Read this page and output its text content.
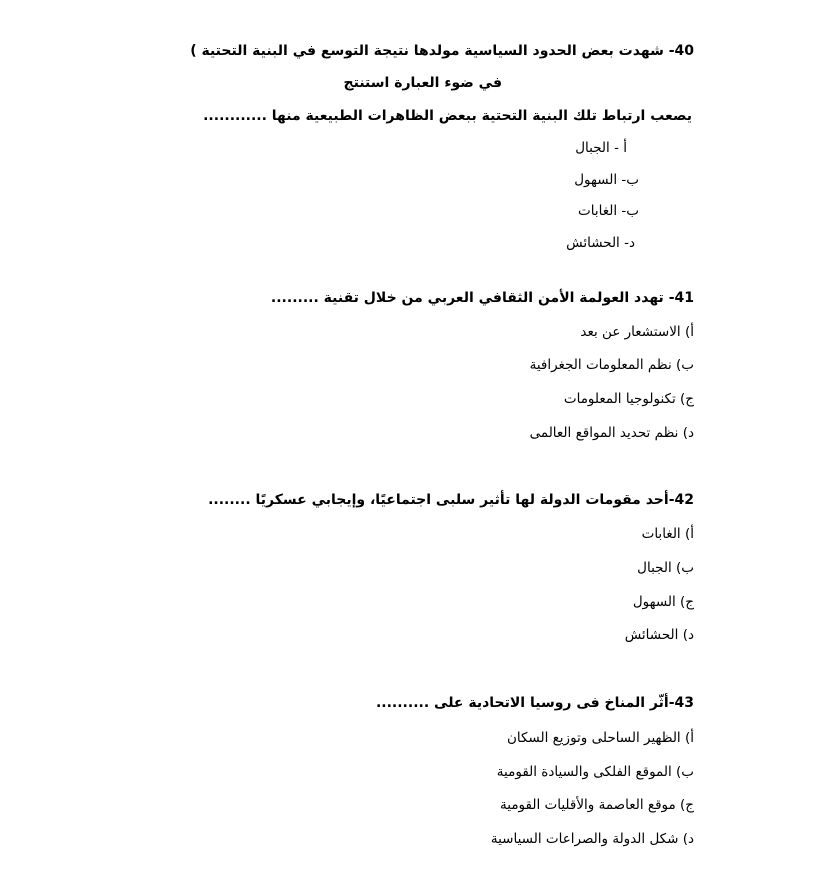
40- شهدت بعض الحدود السياسية مولدها نتيجة التوسع في البنية التحتية )
في ضوء العبارة استنتج
يصعب ارتباط تلك البنية التحتية ببعض الظاهرات الطبيعية منها ............
أ - الجبال
ب- السهول
ب- الغابات
د- الحشائش
41- تهدد العولمة الأمن الثقافي العربي من خلال تقنية .........
أ) الاستشعار عن بعد
ب) نظم المعلومات الجغرافية
ج) تكنولوجيا المعلومات
د) نظم تحديد المواقع العالمى
42-أحد مقومات الدولة لها تأثير سلبى اجتماعيًا، وإيجابي عسكريًا ........
أ) الغابات
ب) الجبال
ج) السهول
د) الحشائش
43-أثّر المناخ فى روسيا الاتحادية على ..........
أ) الظهير الساحلى وتوزيع السكان
ب) الموقع الفلكى والسيادة القومية
ج) موقع العاصمة والأقليات القومية
د) شكل الدولة والصراعات السياسية
